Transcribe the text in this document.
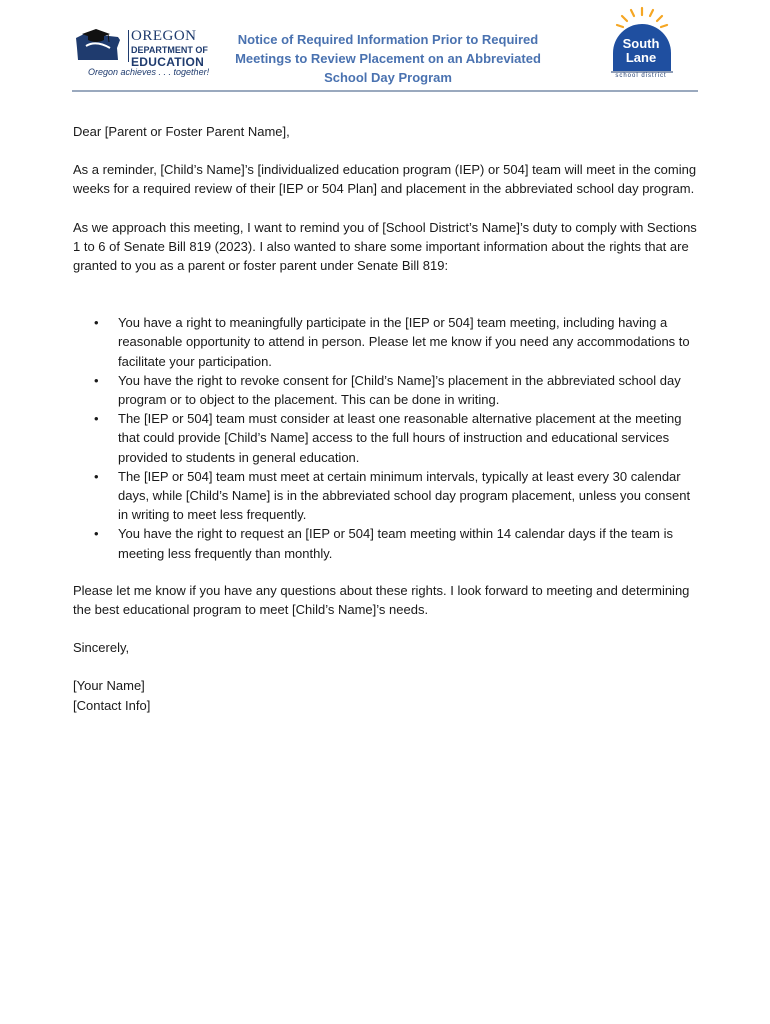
OREGON
DEPARTMENT OF
EDUCATION
Oregon achieves . . . together!
Notice of Required Information Prior to Required Meetings to Review Placement on an Abbreviated School Day Program
South
Lane
school district

Dear [Parent or Foster Parent Name],

As a reminder, [Child’s Name]’s [individualized education program (IEP) or 504] team will meet in the coming weeks for a required review of their [IEP or 504 Plan] and placement in the abbreviated school day program.

As we approach this meeting, I want to remind you of [School District’s Name]’s duty to comply with Sections 1 to 6 of Senate Bill 819 (2023). I also wanted to share some important information about the rights that are granted to you as a parent or foster parent under Senate Bill 819:

• You have a right to meaningfully participate in the [IEP or 504] team meeting, including having a reasonable opportunity to attend in person. Please let me know if you need any accommodations to facilitate your participation.
• You have the right to revoke consent for [Child’s Name]’s placement in the abbreviated school day program or to object to the placement. This can be done in writing.
• The [IEP or 504] team must consider at least one reasonable alternative placement at the meeting that could provide [Child’s Name] access to the full hours of instruction and educational services provided to students in general education.
• The [IEP or 504] team must meet at certain minimum intervals, typically at least every 30 calendar days, while [Child’s Name] is in the abbreviated school day program placement, unless you consent in writing to meet less frequently.
• You have the right to request an [IEP or 504] team meeting within 14 calendar days if the team is meeting less frequently than monthly.

Please let me know if you have any questions about these rights. I look forward to meeting and determining the best educational program to meet [Child’s Name]’s needs.

Sincerely,

[Your Name]

[Contact Info]
